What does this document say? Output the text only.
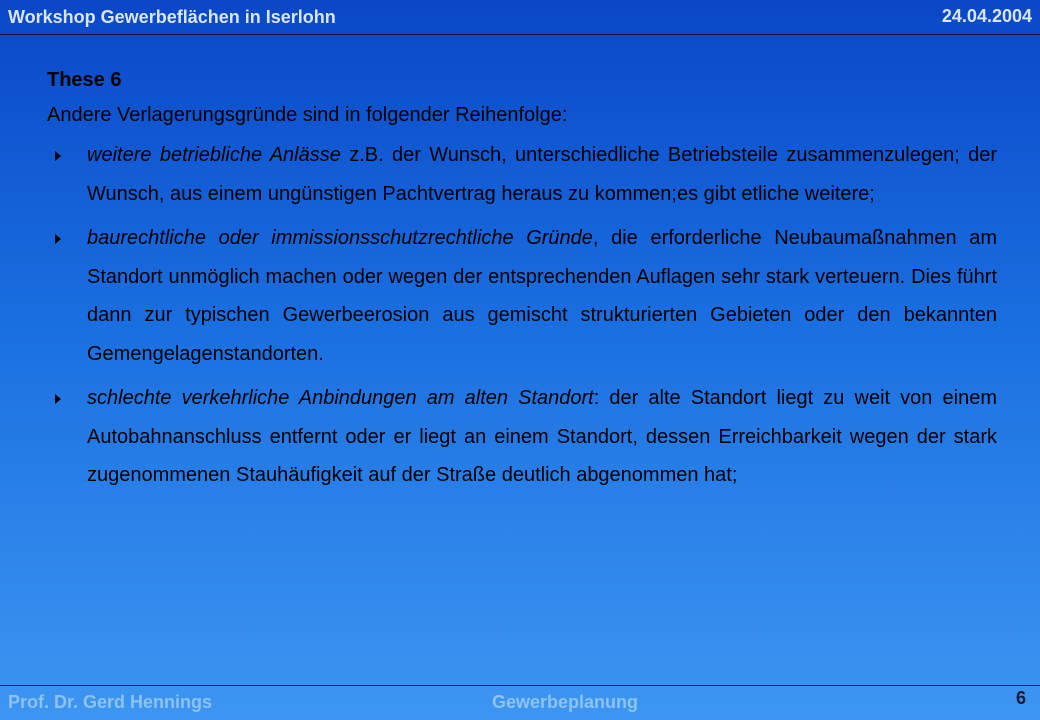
Workshop Gewerbeflächen in Iserlohn	24.04.2004
These 6
Andere Verlagerungsgründe sind in folgender Reihenfolge:
weitere betriebliche Anlässe z.B. der Wunsch, unterschiedliche Betriebsteile zusammenzulegen; der Wunsch, aus einem ungünstigen Pachtvertrag heraus zu kommen;es gibt etliche weitere;
baurechtliche oder immissionsschutzrechtliche Gründe, die erforderliche Neubaumaßnahmen am Standort unmöglich machen oder wegen der entsprechenden Auflagen sehr stark verteuern. Dies führt dann zur typischen Gewerbeerosion aus gemischt strukturierten Gebieten oder den bekannten Gemengelagenstandorten.
schlechte verkehrliche Anbindungen am alten Standort: der alte Standort liegt zu weit von einem Autobahnanschluss entfernt oder er liegt an einem Standort, dessen Erreichbarkeit wegen der stark zugenommenen Stauhäufigkeit auf der Straße deutlich abgenommen hat;
Prof. Dr. Gerd Hennings	Gewerbeplanung	6
